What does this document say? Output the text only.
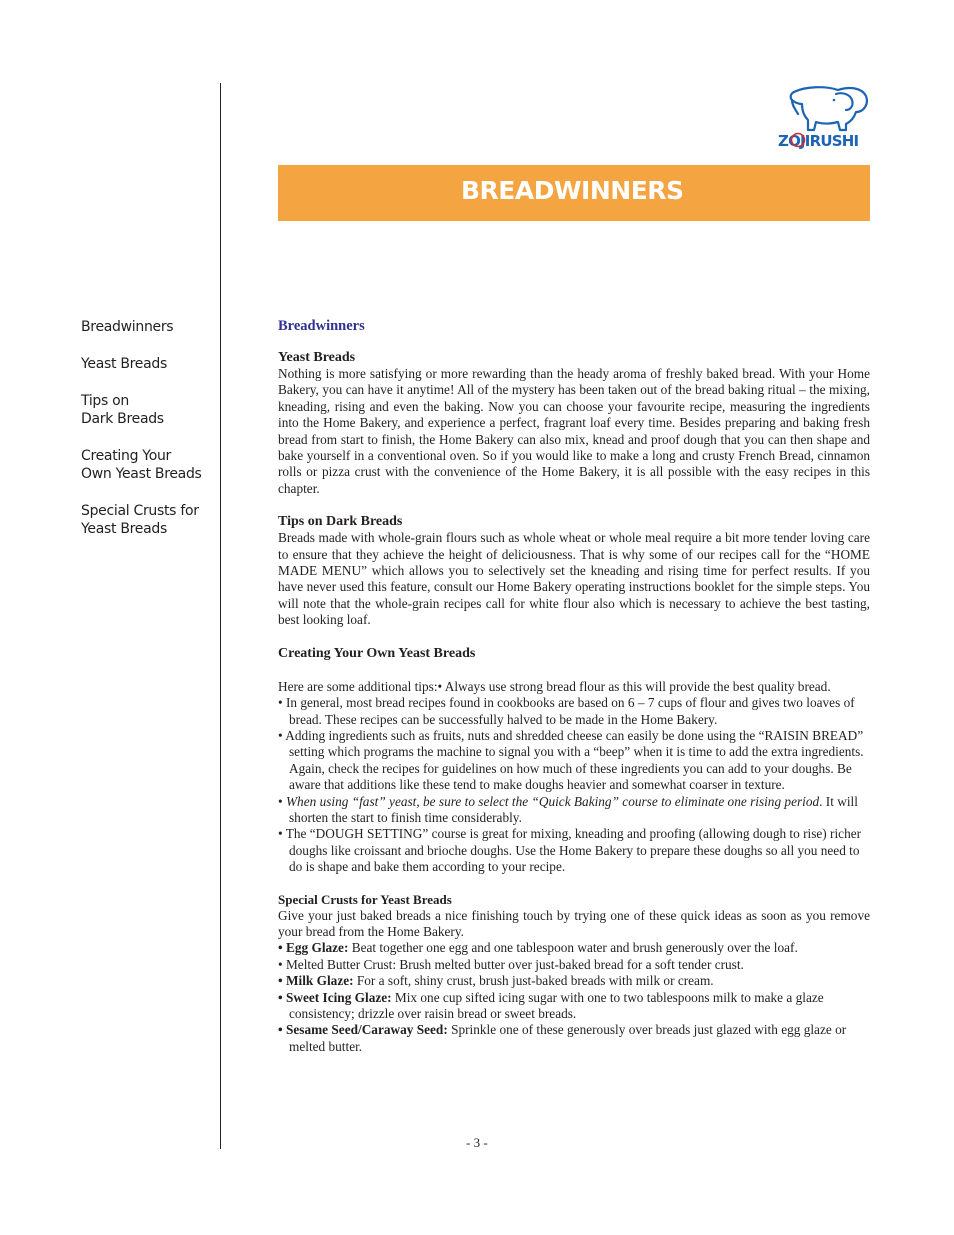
ZOJIRUSHI
BREADWINNERS
Breadwinners
Yeast Breads
Tips on
Dark Breads
Creating Your
Own Yeast Breads
Special Crusts for
Yeast Breads
Breadwinners
Yeast Breads

Nothing is more satisfying or more rewarding than the heady aroma of freshly baked bread. With your Home Bakery, you can have it anytime! All of the mystery has been taken out of the bread baking ritual – the mixing, kneading, rising and even the baking. Now you can choose your favourite recipe, measuring the ingredients into the Home Bakery, and experience a perfect, fragrant loaf every time. Besides preparing and baking fresh bread from start to finish, the Home Bakery can also mix, knead and proof dough that you can then shape and bake yourself in a conventional oven. So if you would like to make a long and crusty French Bread, cinnamon rolls or pizza crust with the convenience of the Home Bakery, it is all possible with the easy recipes in this chapter.

Tips on Dark Breads

Breads made with whole-grain flours such as whole wheat or whole meal require a bit more tender loving care to ensure that they achieve the height of deliciousness. That is why some of our recipes call for the “HOME MADE MENU” which allows you to selectively set the kneading and rising time for perfect results. If you have never used this feature, consult our Home Bakery operating instructions booklet for the simple steps. You will note that the whole-grain recipes call for white flour also which is necessary to achieve the best tasting, best looking loaf.

Creating Your Own Yeast Breads

Here are some additional tips:• Always use strong bread flour as this will provide the best quality bread.

• In general, most bread recipes found in cookbooks are based on 6 – 7 cups of flour and gives two loaves of bread. These recipes can be successfully halved to be made in the Home Bakery.
• Adding ingredients such as fruits, nuts and shredded cheese can easily be done using the “RAISIN BREAD” setting which programs the machine to signal you with a “beep” when it is time to add the extra ingredients. Again, check the recipes for guidelines on how much of these ingredients you can add to your doughs. Be aware that additions like these tend to make doughs heavier and somewhat coarser in texture.
• When using “fast” yeast, be sure to select the “Quick Baking” course to eliminate one rising period. It will shorten the start to finish time considerably.
• The “DOUGH SETTING” course is great for mixing, kneading and proofing (allowing dough to rise) richer doughs like croissant and brioche doughs. Use the Home Bakery to prepare these doughs so all you need to do is shape and bake them according to your recipe.
Special Crusts for Yeast Breads

Give your just baked breads a nice finishing touch by trying one of these quick ideas as soon as you remove your bread from the Home Bakery.

• Egg Glaze: Beat together one egg and one tablespoon water and brush generously over the loaf.
• Melted Butter Crust: Brush melted butter over just-baked bread for a soft tender crust.
• Milk Glaze: For a soft, shiny crust, brush just-baked breads with milk or cream.
• Sweet Icing Glaze: Mix one cup sifted icing sugar with one to two tablespoons milk to make a glaze consistency; drizzle over raisin bread or sweet breads.
• Sesame Seed/Caraway Seed: Sprinkle one of these generously over breads just glazed with egg glaze or melted butter.
- 3 -
